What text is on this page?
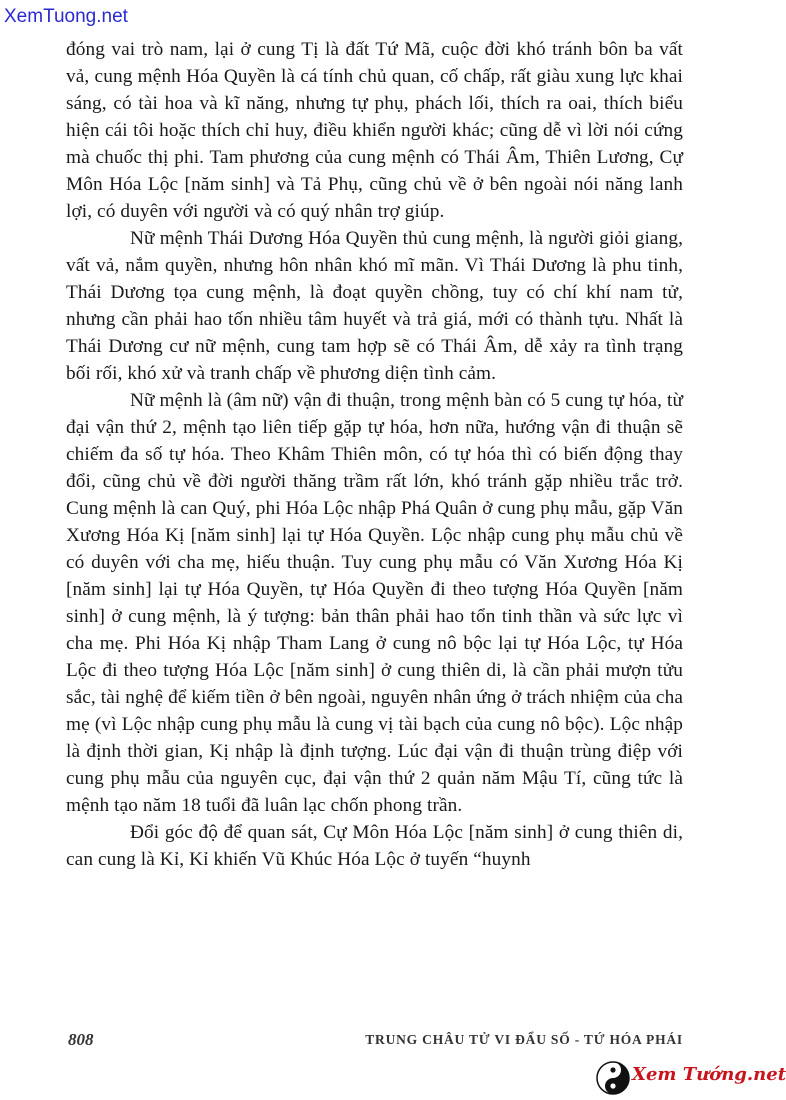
XemTuong.net

đóng vai trò nam, lại ở cung Tị là đất Tứ Mã, cuộc đời khó tránh bôn ba vất vả, cung mệnh Hóa Quyền là cá tính chủ quan, cố chấp, rất giàu xung lực khai sáng, có tài hoa và kĩ năng, nhưng tự phụ, phách lối, thích ra oai, thích biểu hiện cái tôi hoặc thích chỉ huy, điều khiển người khác; cũng dễ vì lời nói cứng mà chuốc thị phi. Tam phương của cung mệnh có Thái Âm, Thiên Lương, Cự Môn Hóa Lộc [năm sinh] và Tả Phụ, cũng chủ về ở bên ngoài nói năng lanh lợi, có duyên với người và có quý nhân trợ giúp.

Nữ mệnh Thái Dương Hóa Quyền thủ cung mệnh, là người giỏi giang, vất vả, nắm quyền, nhưng hôn nhân khó mĩ mãn. Vì Thái Dương là phu tinh, Thái Dương tọa cung mệnh, là đoạt quyền chồng, tuy có chí khí nam tử, nhưng cần phải hao tốn nhiều tâm huyết và trả giá, mới có thành tựu. Nhất là Thái Dương cư nữ mệnh, cung tam hợp sẽ có Thái Âm, dễ xảy ra tình trạng bối rối, khó xử và tranh chấp về phương diện tình cảm.

Nữ mệnh là (âm nữ) vận đi thuận, trong mệnh bàn có 5 cung tự hóa, từ đại vận thứ 2, mệnh tạo liên tiếp gặp tự hóa, hơn nữa, hướng vận đi thuận sẽ chiếm đa số tự hóa. Theo Khâm Thiên môn, có tự hóa thì có biến động thay đổi, cũng chủ về đời người thăng trầm rất lớn, khó tránh gặp nhiều trắc trở. Cung mệnh là can Quý, phi Hóa Lộc nhập Phá Quân ở cung phụ mẫu, gặp Văn Xương Hóa Kị [năm sinh] lại tự Hóa Quyền. Lộc nhập cung phụ mẫu chủ về có duyên với cha mẹ, hiếu thuận. Tuy cung phụ mẫu có Văn Xương Hóa Kị [năm sinh] lại tự Hóa Quyền, tự Hóa Quyền đi theo tượng Hóa Quyền [năm sinh] ở cung mệnh, là ý tượng: bản thân phải hao tổn tinh thần và sức lực vì cha mẹ. Phi Hóa Kị nhập Tham Lang ở cung nô bộc lại tự Hóa Lộc, tự Hóa Lộc đi theo tượng Hóa Lộc [năm sinh] ở cung thiên di, là cần phải mượn tửu sắc, tài nghệ để kiếm tiền ở bên ngoài, nguyên nhân ứng ở trách nhiệm của cha mẹ (vì Lộc nhập cung phụ mẫu là cung vị tài bạch của cung nô bộc). Lộc nhập là định thời gian, Kị nhập là định tượng. Lúc đại vận đi thuận trùng điệp với cung phụ mẫu của nguyên cục, đại vận thứ 2 quản năm Mậu Tí, cũng tức là mệnh tạo năm 18 tuổi đã luân lạc chốn phong trần.

Đổi góc độ để quan sát, Cự Môn Hóa Lộc [năm sinh] ở cung thiên di, can cung là Kỉ, Kỉ khiến Vũ Khúc Hóa Lộc ở tuyến “huynh

808	TRUNG CHÂU TỬ VI ĐẨU SỐ - TỨ HÓA PHÁI
Xem Tướng.net
